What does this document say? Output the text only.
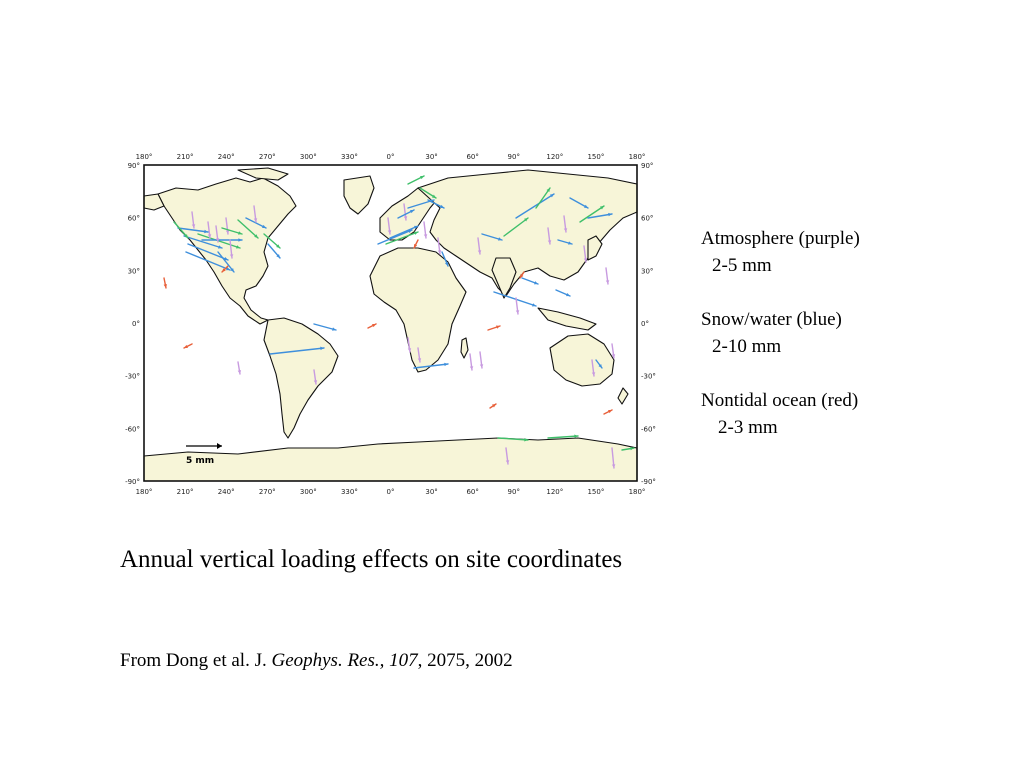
5 mm
180°	210°	240°	270°	300°	330°	0°	30°	60°	90°	120°	150°	180°
180°	210°	240°	270°	300°	330°	0°	30°	60°	90°	120°	150°	180°
90°
60°
30°
0°
-30°
-60°
-90°
90°
60°
30°
0°
-30°
-60°
-90°
Atmosphere (purple)
2-5 mm
Snow/water (blue)
2-10 mm
Nontidal ocean (red)
2-3 mm
Annual vertical loading effects on site coordinates
From Dong et al. J. Geophys. Res., 107, 2075, 2002
